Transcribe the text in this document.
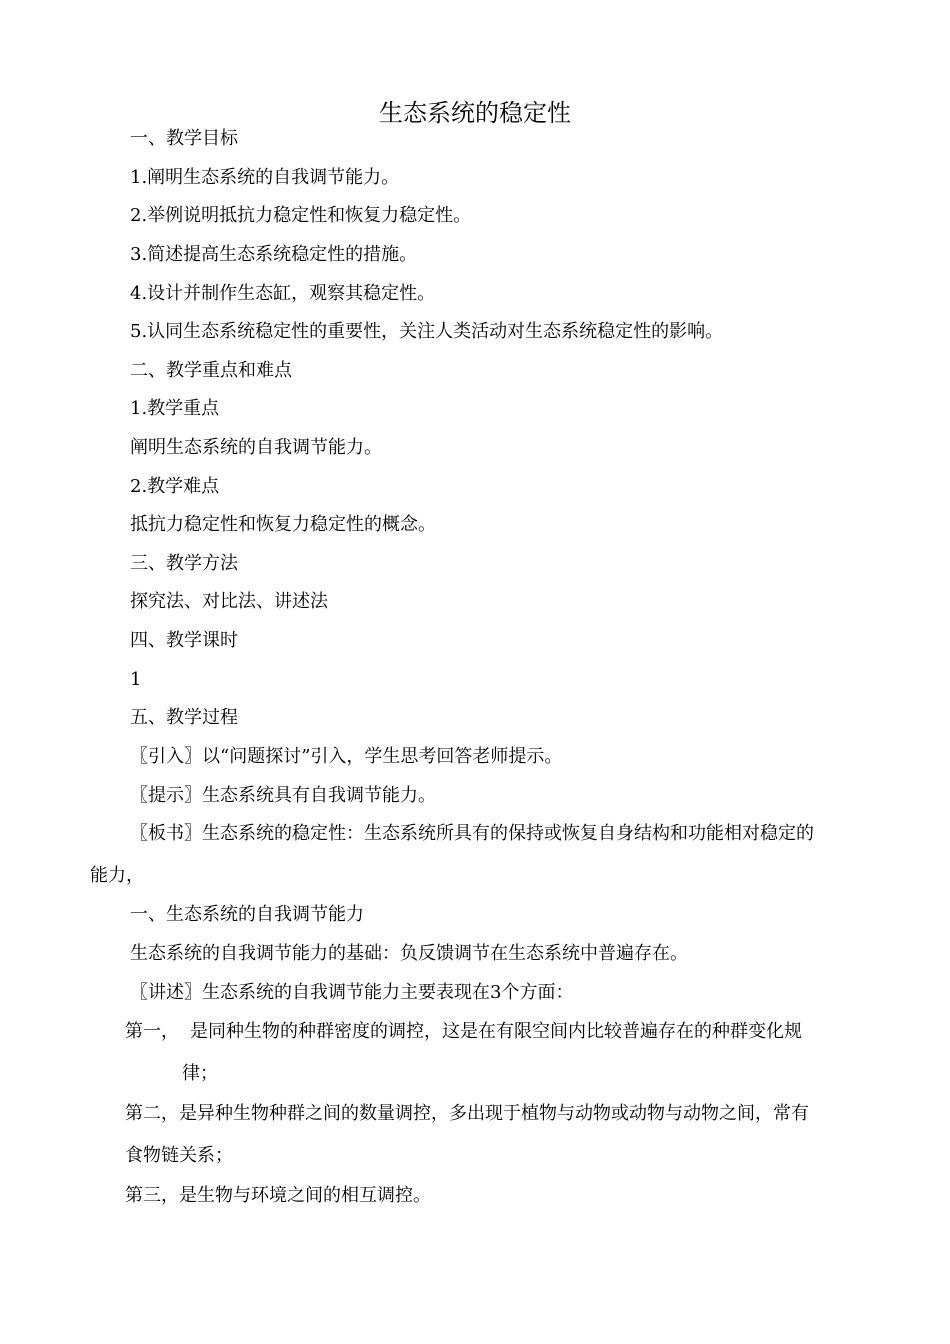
生态系统的稳定性
一、教学目标
1.阐明生态系统的自我调节能力。
2.举例说明抵抗力稳定性和恢复力稳定性。
3.简述提高生态系统稳定性的措施。
4.设计并制作生态缸，观察其稳定性。
5.认同生态系统稳定性的重要性，关注人类活动对生态系统稳定性的影响。
二、教学重点和难点
1.教学重点
阐明生态系统的自我调节能力。
2.教学难点
抵抗力稳定性和恢复力稳定性的概念。
三、教学方法
探究法、对比法、讲述法
四、教学课时
1
五、教学过程
〖引入〗以“问题探讨”引入，学生思考回答老师提示。
〖提示〗生态系统具有自我调节能力。
〖板书〗生态系统的稳定性：生态系统所具有的保持或恢复自身结构和功能相对稳定的
能力，
一、生态系统的自我调节能力
生态系统的自我调节能力的基础：负反馈调节在生态系统中普遍存在。
〖讲述〗生态系统的自我调节能力主要表现在3个方面：
第一， 是同种生物的种群密度的调控，这是在有限空间内比较普遍存在的种群变化规
律；
第二，是异种生物种群之间的数量调控，多出现于植物与动物或动物与动物之间，常有
食物链关系；
第三，是生物与环境之间的相互调控。
